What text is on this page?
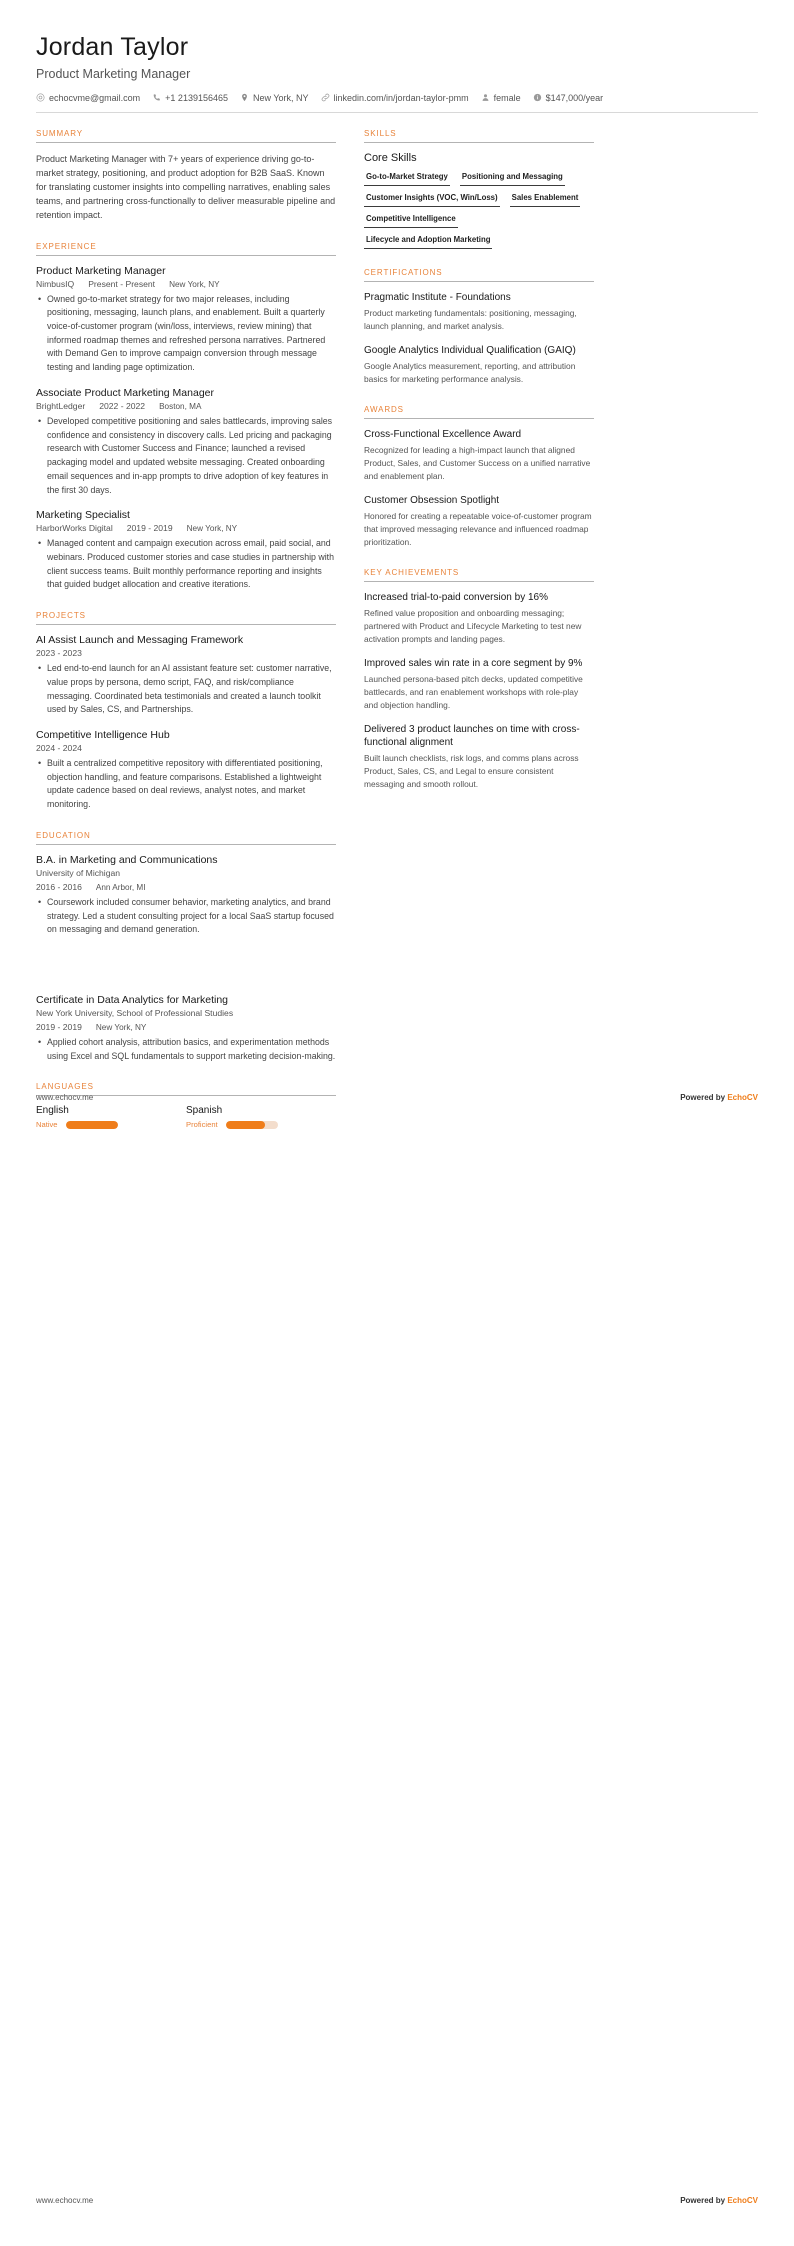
Jordan Taylor
Product Marketing Manager
echocvme@gmail.com	+1 2139156465	New York, NY	linkedin.com/in/jordan-taylor-pmm	female	$147,000/year
SUMMARY
Product Marketing Manager with 7+ years of experience driving go-to-market strategy, positioning, and product adoption for B2B SaaS. Known for translating customer insights into compelling narratives, enabling sales teams, and partnering cross-functionally to deliver measurable pipeline and retention impact.
EXPERIENCE
Product Marketing Manager
NimbusIQ Present - Present New York, NY
• Owned go-to-market strategy for two major releases, including positioning, messaging, launch plans, and enablement. Built a quarterly voice-of-customer program (win/loss, interviews, review mining) that informed roadmap themes and refreshed persona narratives. Partnered with Demand Gen to improve campaign conversion through message testing and landing page optimization.
Associate Product Marketing Manager
BrightLedger 2022 - 2022 Boston, MA
• Developed competitive positioning and sales battlecards, improving sales confidence and consistency in discovery calls. Led pricing and packaging research with Customer Success and Finance; launched a revised packaging model and updated website messaging. Created onboarding email sequences and in-app prompts to drive adoption of key features in the first 30 days.
Marketing Specialist
HarborWorks Digital 2019 - 2019 New York, NY
• Managed content and campaign execution across email, paid social, and webinars. Produced customer stories and case studies in partnership with client success teams. Built monthly performance reporting and insights that guided budget allocation and creative iterations.
PROJECTS
AI Assist Launch and Messaging Framework
2023 - 2023
• Led end-to-end launch for an AI assistant feature set: customer narrative, value props by persona, demo script, FAQ, and risk/compliance messaging. Coordinated beta testimonials and created a launch toolkit used by Sales, CS, and Partnerships.
Competitive Intelligence Hub
2024 - 2024
• Built a centralized competitive repository with differentiated positioning, objection handling, and feature comparisons. Established a lightweight update cadence based on deal reviews, analyst notes, and market monitoring.
EDUCATION
B.A. in Marketing and Communications
University of Michigan
2016 - 2016 Ann Arbor, MI
• Coursework included consumer behavior, marketing analytics, and brand strategy. Led a student consulting project for a local SaaS startup focused on messaging and demand generation.
Certificate in Data Analytics for Marketing
New York University, School of Professional Studies
2019 - 2019 New York, NY
• Applied cohort analysis, attribution basics, and experimentation methods using Excel and SQL fundamentals to support marketing decision-making.
LANGUAGES
English
Native
Spanish
Proficient
SKILLS
Core Skills
Go-to-Market Strategy Positioning and Messaging
Customer Insights (VOC, Win/Loss) Sales Enablement
Competitive Intelligence
Lifecycle and Adoption Marketing
CERTIFICATIONS
Pragmatic Institute - Foundations
Product marketing fundamentals: positioning, messaging, launch planning, and market analysis.
Google Analytics Individual Qualification (GAIQ)
Google Analytics measurement, reporting, and attribution basics for marketing performance analysis.
AWARDS
Cross-Functional Excellence Award
Recognized for leading a high-impact launch that aligned Product, Sales, and Customer Success on a unified narrative and enablement plan.
Customer Obsession Spotlight
Honored for creating a repeatable voice-of-customer program that improved messaging relevance and influenced roadmap prioritization.
KEY ACHIEVEMENTS
Increased trial-to-paid conversion by 16%
Refined value proposition and onboarding messaging; partnered with Product and Lifecycle Marketing to test new activation prompts and landing pages.
Improved sales win rate in a core segment by 9%
Launched persona-based pitch decks, updated competitive battlecards, and ran enablement workshops with role-play and objection handling.
Delivered 3 product launches on time with cross-functional alignment
Built launch checklists, risk logs, and comms plans across Product, Sales, CS, and Legal to ensure consistent messaging and smooth rollout.
www.echocv.me	Powered by EchoCV
www.echocv.me	Powered by EchoCV
